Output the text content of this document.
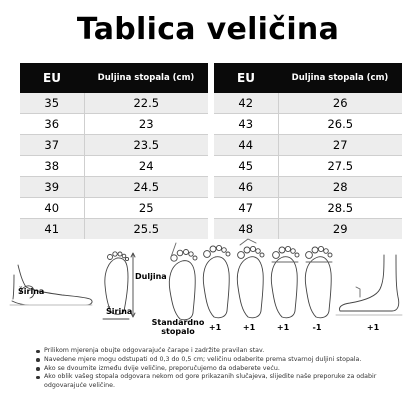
Tablica veličina
EU	Duljina stopala (cm)
35	22.5
36	23
37	23.5
38	24
39	24.5
40	25
41	25.5
EU	Duljina stopala (cm)
42	26
43	26.5
44	27
45	27.5
46	28
47	28.5
48	29
Širina
Duljina
Širina
Standardno
stopalo	+1	+1	+1	-1	+1
Prilikom mjerenja obujte odgovarajuće čarape i zadržite pravilan stav.
Navedene mjere mogu odstupati od 0,3 do 0,5 cm; veličinu odaberite prema stvarnoj duljini stopala.
Ako se dvoumite između dvije veličine, preporučujemo da odaberete veću.
Ako oblik vašeg stopala odgovara nekom od gore prikazanih slučajeva, slijedite naše preporuke za odabir odgovarajuće veličine.
